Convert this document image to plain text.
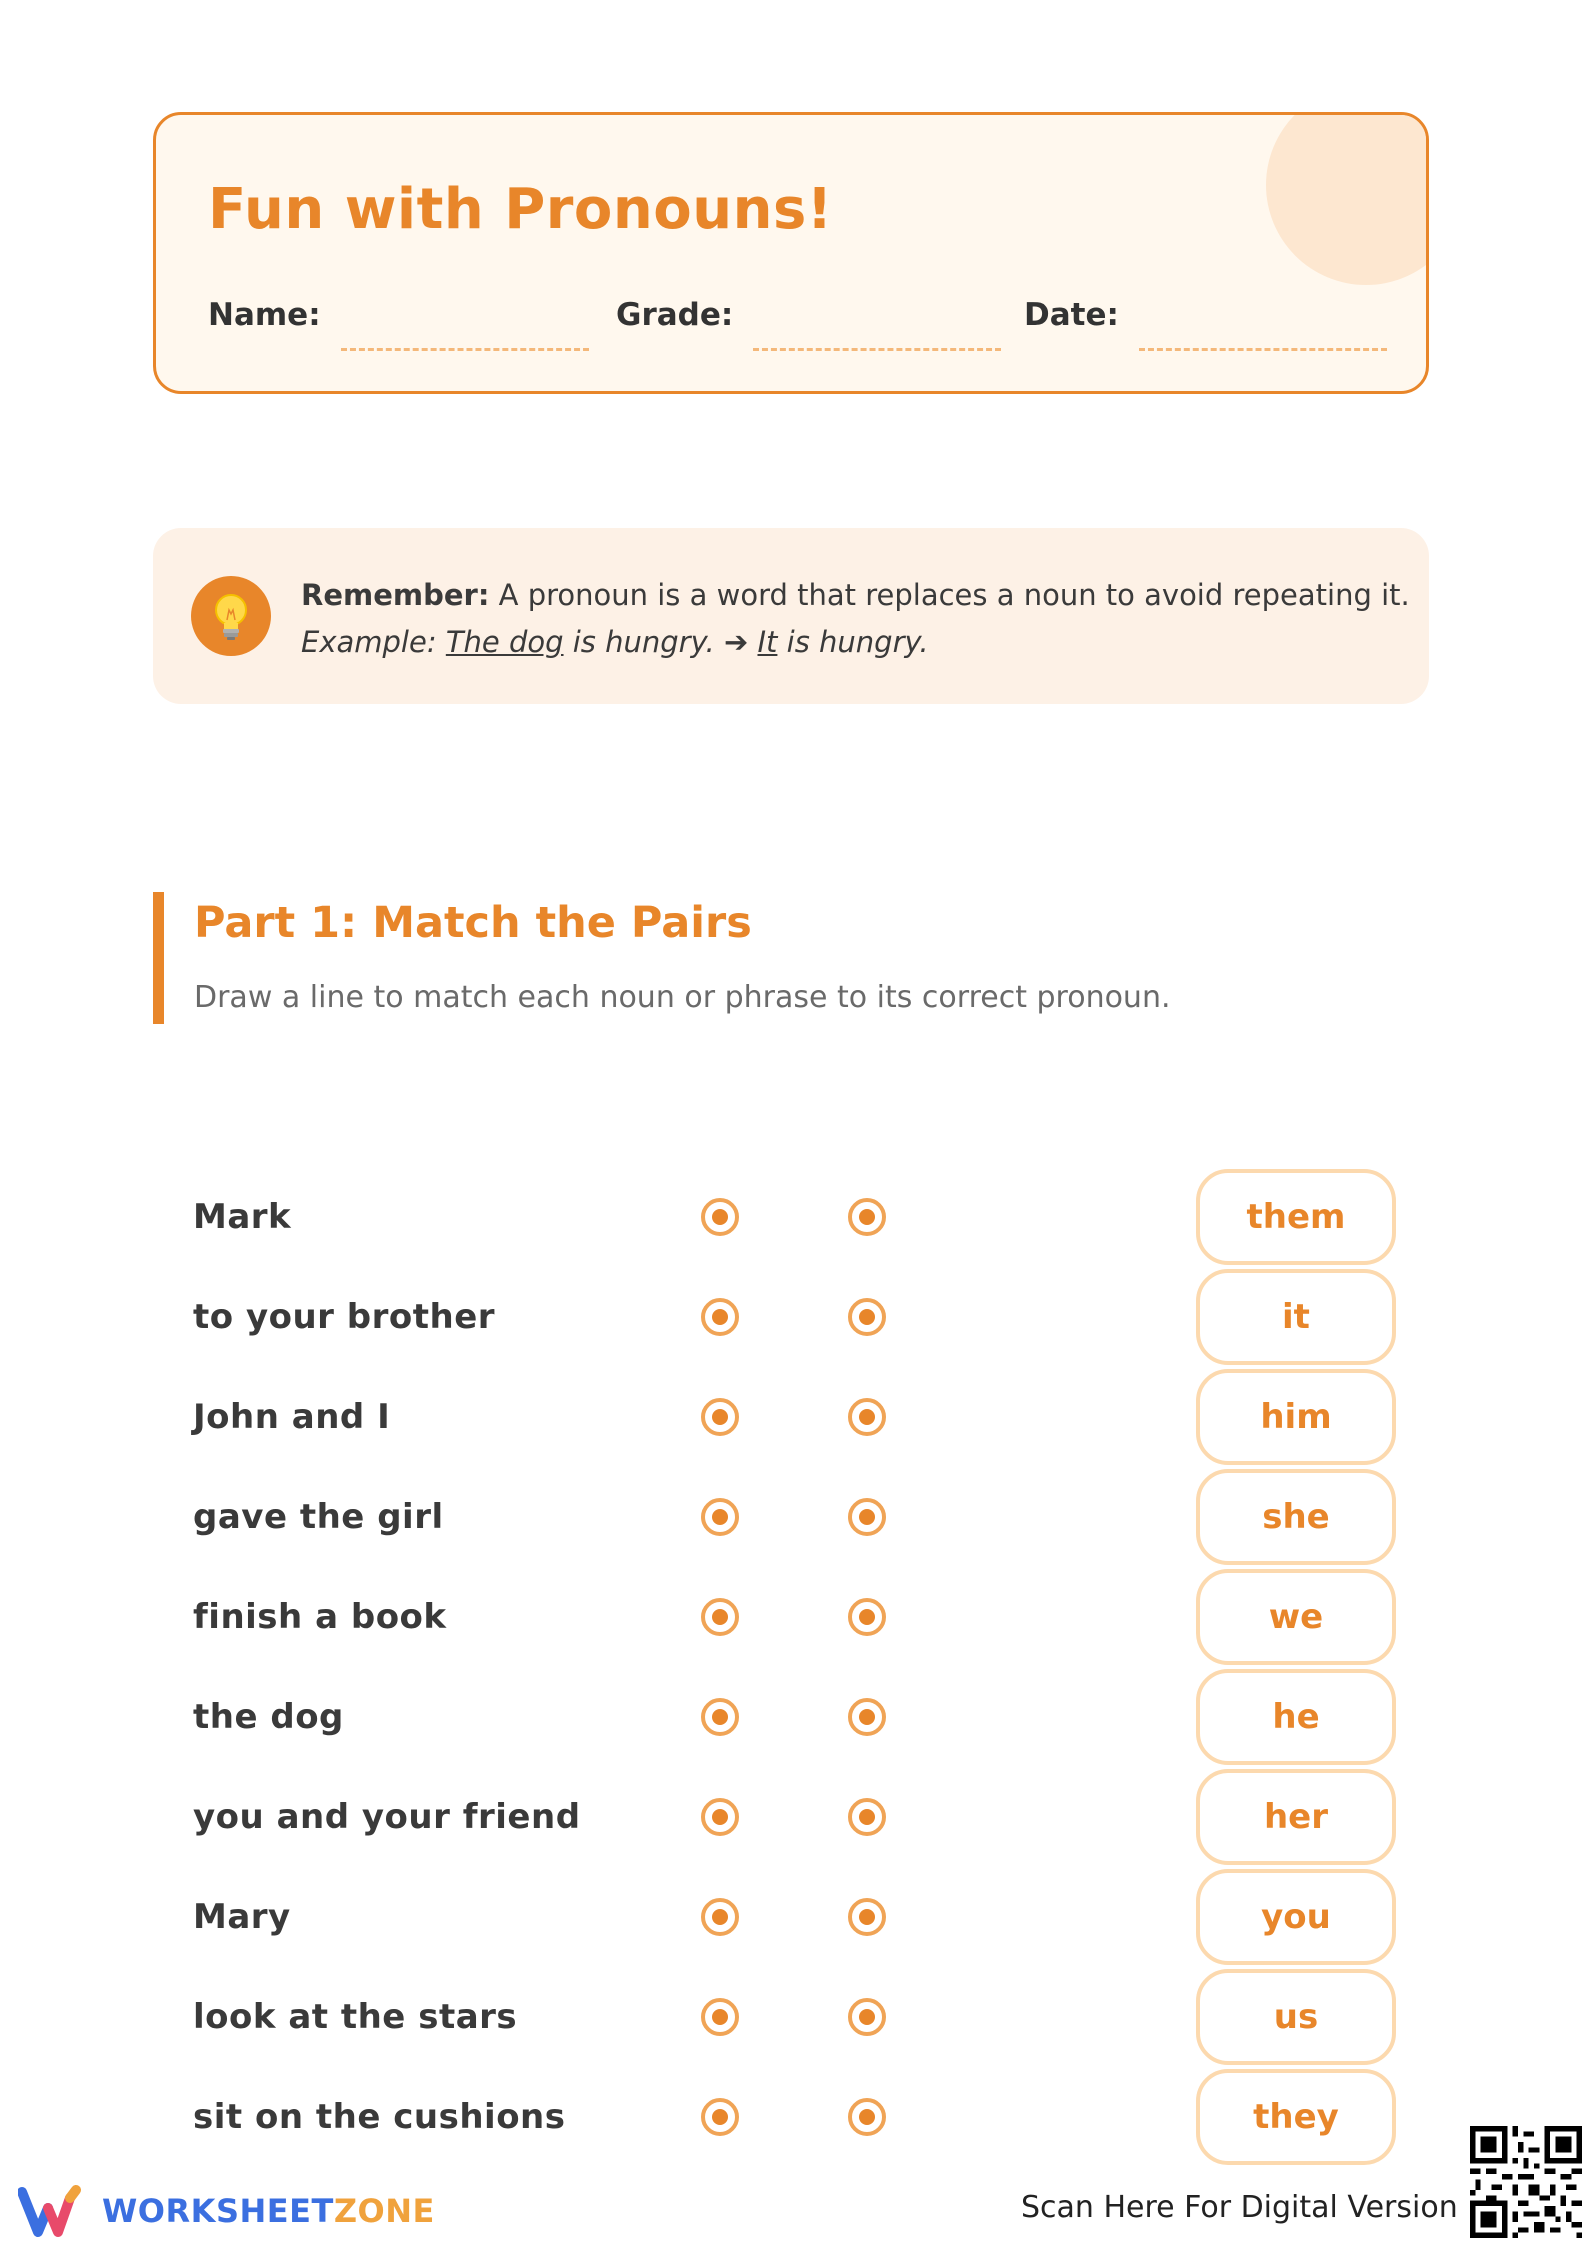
Fun with Pronouns!
Name:	Grade:	Date:
Remember: A pronoun is a word that replaces a noun to avoid repeating it.
Example: The dog is hungry. ➔ It is hungry.
Part 1: Match the Pairs
Draw a line to match each noun or phrase to its correct pronoun.
Mark	them
to your brother	it
John and I	him
gave the girl	she
finish a book	we
the dog	he
you and your friend	her
Mary	you
look at the stars	us
sit on the cushions	they
WORKSHEETZONE	Scan Here For Digital Version
